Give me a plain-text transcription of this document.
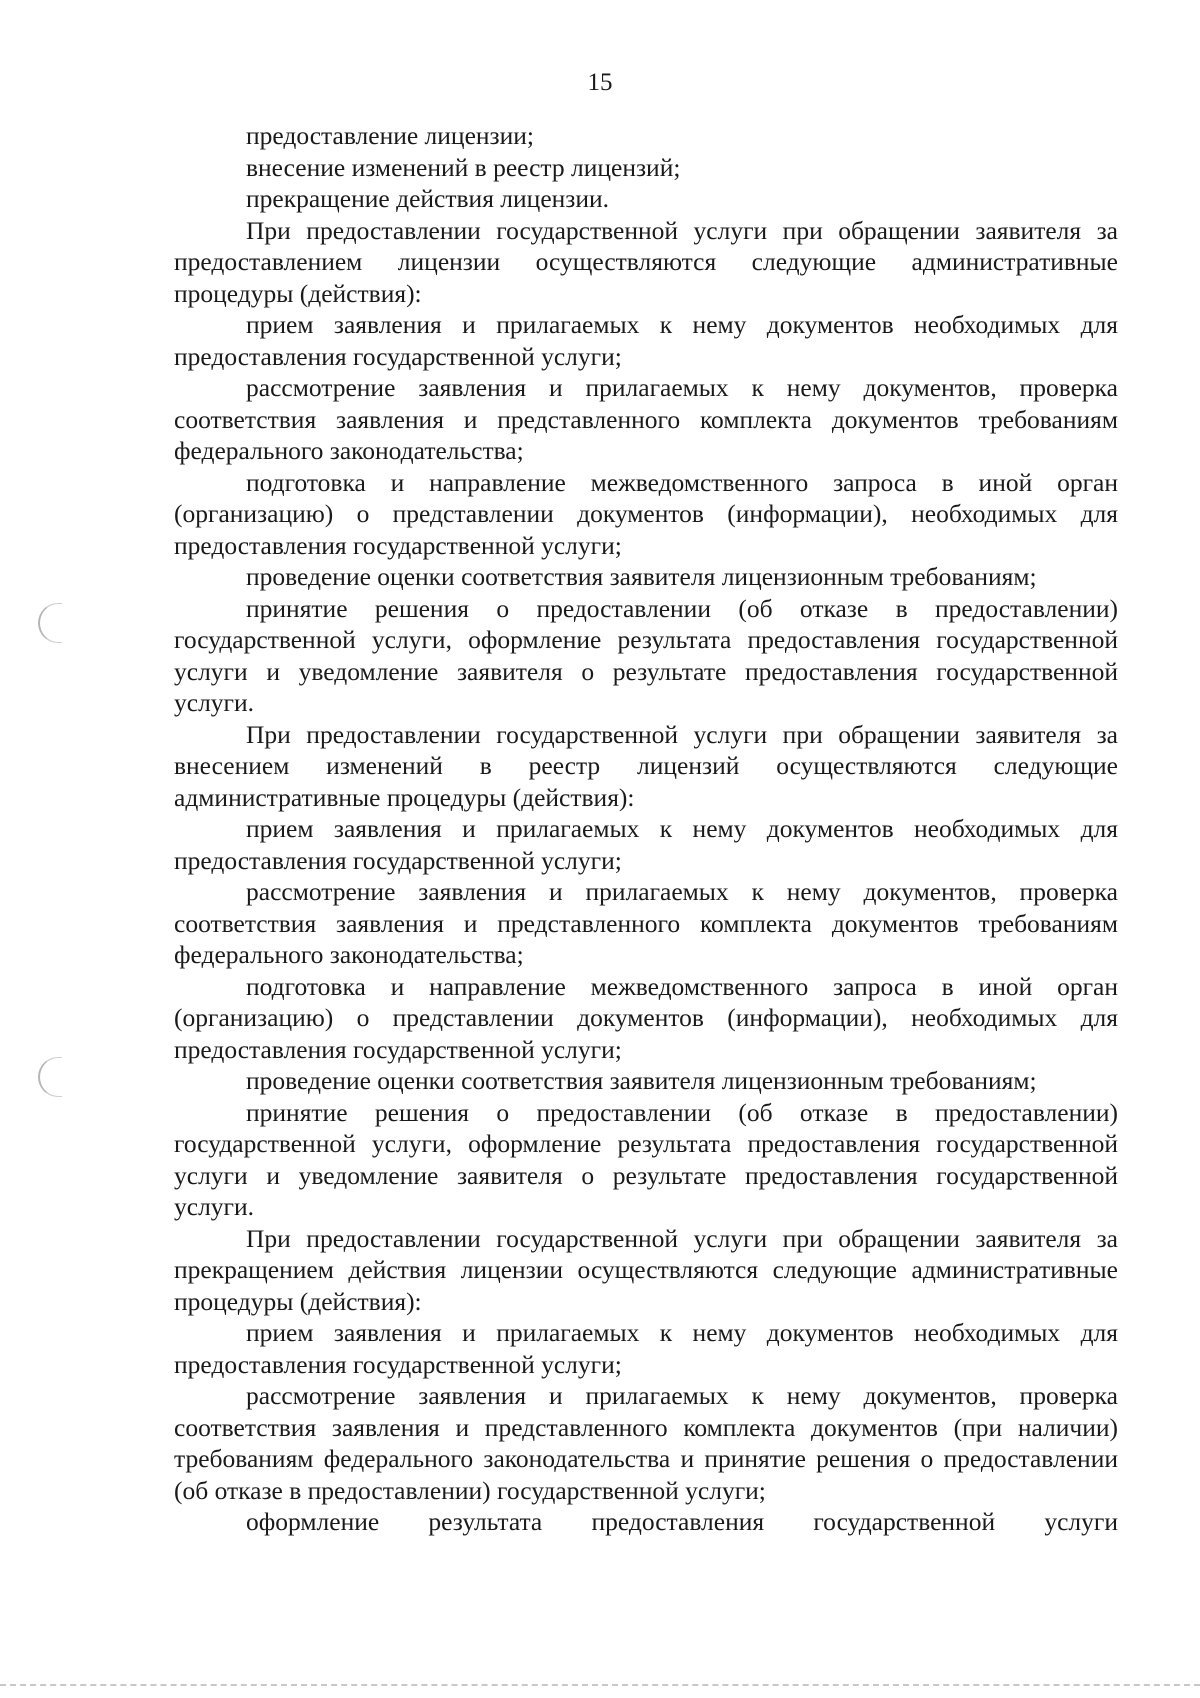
15

предоставление лицензии;

внесение изменений в реестр лицензий;

прекращение действия лицензии.

При предоставлении государственной услуги при обращении заявителя за предоставлением лицензии осуществляются следующие административные процедуры (действия):

прием заявления и прилагаемых к нему документов необходимых для предоставления государственной услуги;

рассмотрение заявления и прилагаемых к нему документов, проверка соответствия заявления и представленного комплекта документов требованиям федерального законодательства;

подготовка и направление межведомственного запроса в иной орган (организацию) о представлении документов (информации), необходимых для предоставления государственной услуги;

проведение оценки соответствия заявителя лицензионным требованиям;

принятие решения о предоставлении (об отказе в предоставлении) государственной услуги, оформление результата предоставления государственной услуги и уведомление заявителя о результате предоставления государственной услуги.

При предоставлении государственной услуги при обращении заявителя за внесением изменений в реестр лицензий осуществляются следующие административные процедуры (действия):

прием заявления и прилагаемых к нему документов необходимых для предоставления государственной услуги;

рассмотрение заявления и прилагаемых к нему документов, проверка соответствия заявления и представленного комплекта документов требованиям федерального законодательства;

подготовка и направление межведомственного запроса в иной орган (организацию) о представлении документов (информации), необходимых для предоставления государственной услуги;

проведение оценки соответствия заявителя лицензионным требованиям;

принятие решения о предоставлении (об отказе в предоставлении) государственной услуги, оформление результата предоставления государственной услуги и уведомление заявителя о результате предоставления государственной услуги.

При предоставлении государственной услуги при обращении заявителя за прекращением действия лицензии осуществляются следующие административные процедуры (действия):

прием заявления и прилагаемых к нему документов необходимых для предоставления государственной услуги;

рассмотрение заявления и прилагаемых к нему документов, проверка соответствия заявления и представленного комплекта документов (при наличии) требованиям федерального законодательства и принятие решения о предоставлении (об отказе в предоставлении) государственной услуги;

оформление результата предоставления государственной услуги
